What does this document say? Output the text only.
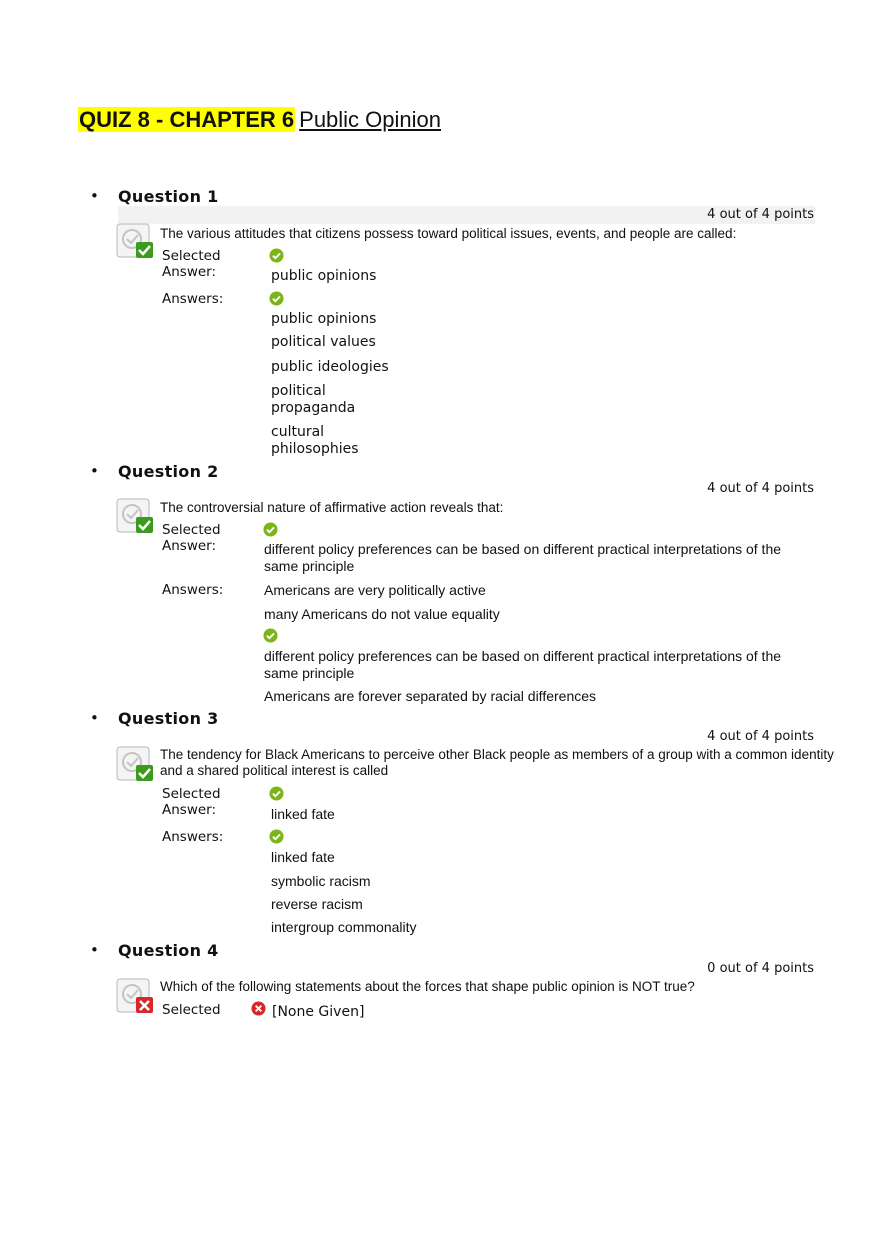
QUIZ 8 - CHAPTER 6 Public Opinion
• Question 1
4 out of 4 points
The various attitudes that citizens possess toward political issues, events, and people are called:
Selected
Answer:	public opinions
Answers:
public opinions
political values
public ideologies
political propaganda
cultural philosophies
• Question 2
4 out of 4 points
The controversial nature of affirmative action reveals that:
Selected
Answer:	different policy preferences can be based on different practical interpretations of the same principle
Answers:	Americans are very politically active
many Americans do not value equality
different policy preferences can be based on different practical interpretations of the same principle
Americans are forever separated by racial differences
• Question 3
4 out of 4 points
The tendency for Black Americans to perceive other Black people as members of a group with a common identity and a shared political interest is called
Selected
Answer:	linked fate
Answers:
linked fate
symbolic racism
reverse racism
intergroup commonality
• Question 4
0 out of 4 points
Which of the following statements about the forces that shape public opinion is NOT true?
Selected	[None Given]
